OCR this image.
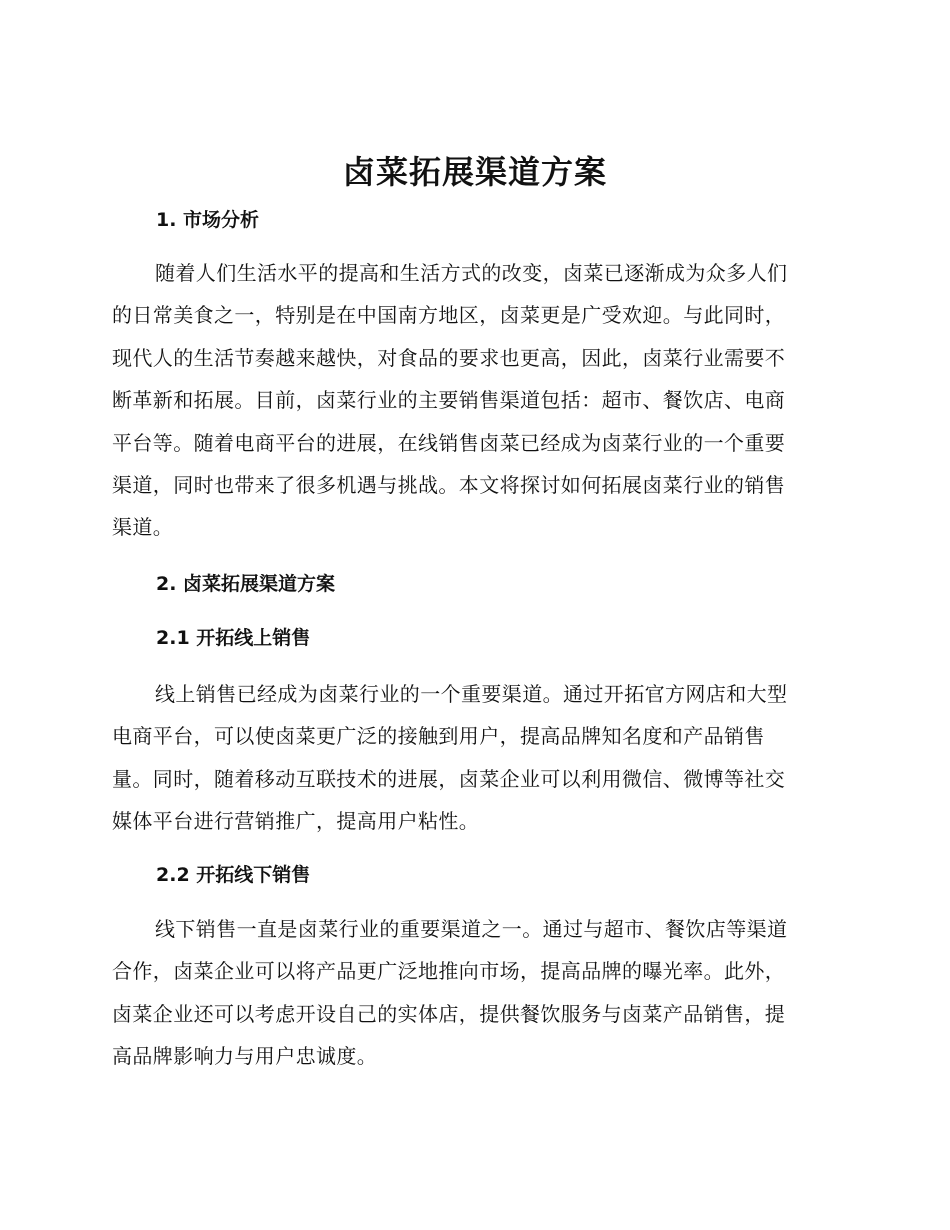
卤菜拓展渠道方案
1. 市场分析
随着人们生活水平的提高和生活方式的改变，卤菜已逐渐成为众多人们
的日常美食之一，特别是在中国南方地区，卤菜更是广受欢迎。与此同时，
现代人的生活节奏越来越快，对食品的要求也更高，因此，卤菜行业需要不
断革新和拓展。目前，卤菜行业的主要销售渠道包括：超市、餐饮店、电商
平台等。随着电商平台的进展，在线销售卤菜已经成为卤菜行业的一个重要
渠道，同时也带来了很多机遇与挑战。本文将探讨如何拓展卤菜行业的销售
渠道。
2. 卤菜拓展渠道方案
2.1 开拓线上销售
线上销售已经成为卤菜行业的一个重要渠道。通过开拓官方网店和大型
电商平台，可以使卤菜更广泛的接触到用户，提高品牌知名度和产品销售
量。同时，随着移动互联技术的进展，卤菜企业可以利用微信、微博等社交
媒体平台进行营销推广，提高用户粘性。
2.2 开拓线下销售
线下销售一直是卤菜行业的重要渠道之一。通过与超市、餐饮店等渠道
合作，卤菜企业可以将产品更广泛地推向市场，提高品牌的曝光率。此外，
卤菜企业还可以考虑开设自己的实体店，提供餐饮服务与卤菜产品销售，提
高品牌影响力与用户忠诚度。
